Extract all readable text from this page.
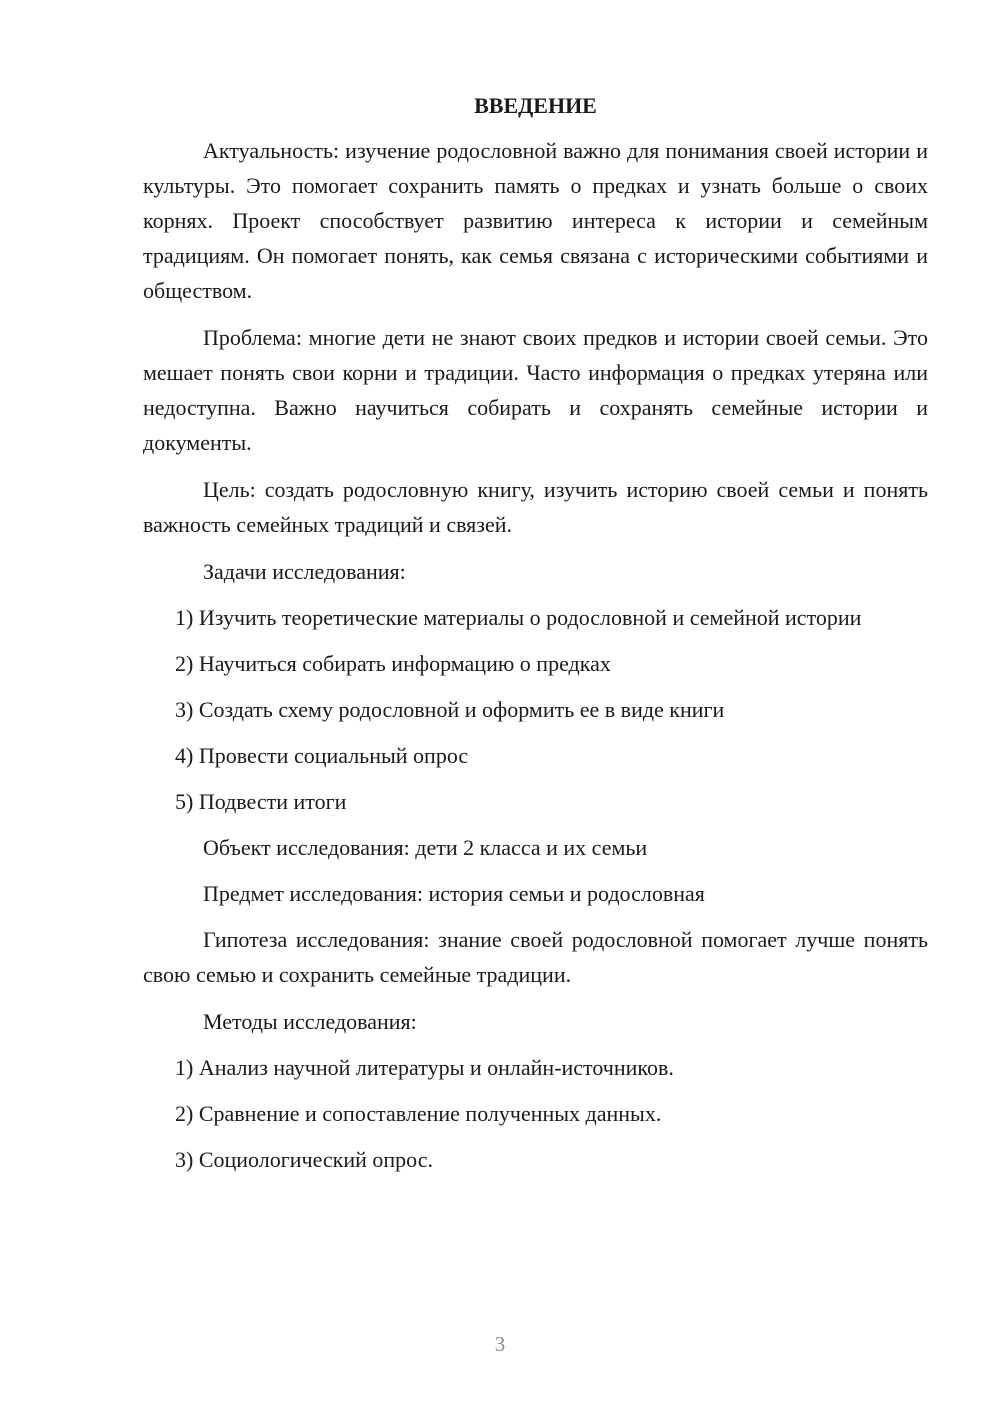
ВВЕДЕНИЕ

Актуальность: изучение родословной важно для понимания своей истории и культуры. Это помогает сохранить память о предках и узнать больше о своих корнях. Проект способствует развитию интереса к истории и семейным традициям. Он помогает понять, как семья связана с историческими событиями и обществом.

Проблема: многие дети не знают своих предков и истории своей семьи. Это мешает понять свои корни и традиции. Часто информация о предках утеряна или недоступна. Важно научиться собирать и сохранять семейные истории и документы.

Цель: создать родословную книгу, изучить историю своей семьи и понять важность семейных традиций и связей.

Задачи исследования:

1) Изучить теоретические материалы о родословной и семейной истории

2) Научиться собирать информацию о предках

3) Создать схему родословной и оформить ее в виде книги

4) Провести социальный опрос

5) Подвести итоги

Объект исследования: дети 2 класса и их семьи

Предмет исследования: история семьи и родословная

Гипотеза исследования: знание своей родословной помогает лучше понять свою семью и сохранить семейные традиции.

Методы исследования:

1) Анализ научной литературы и онлайн-источников.

2) Сравнение и сопоставление полученных данных.

3) Социологический опрос.

3
